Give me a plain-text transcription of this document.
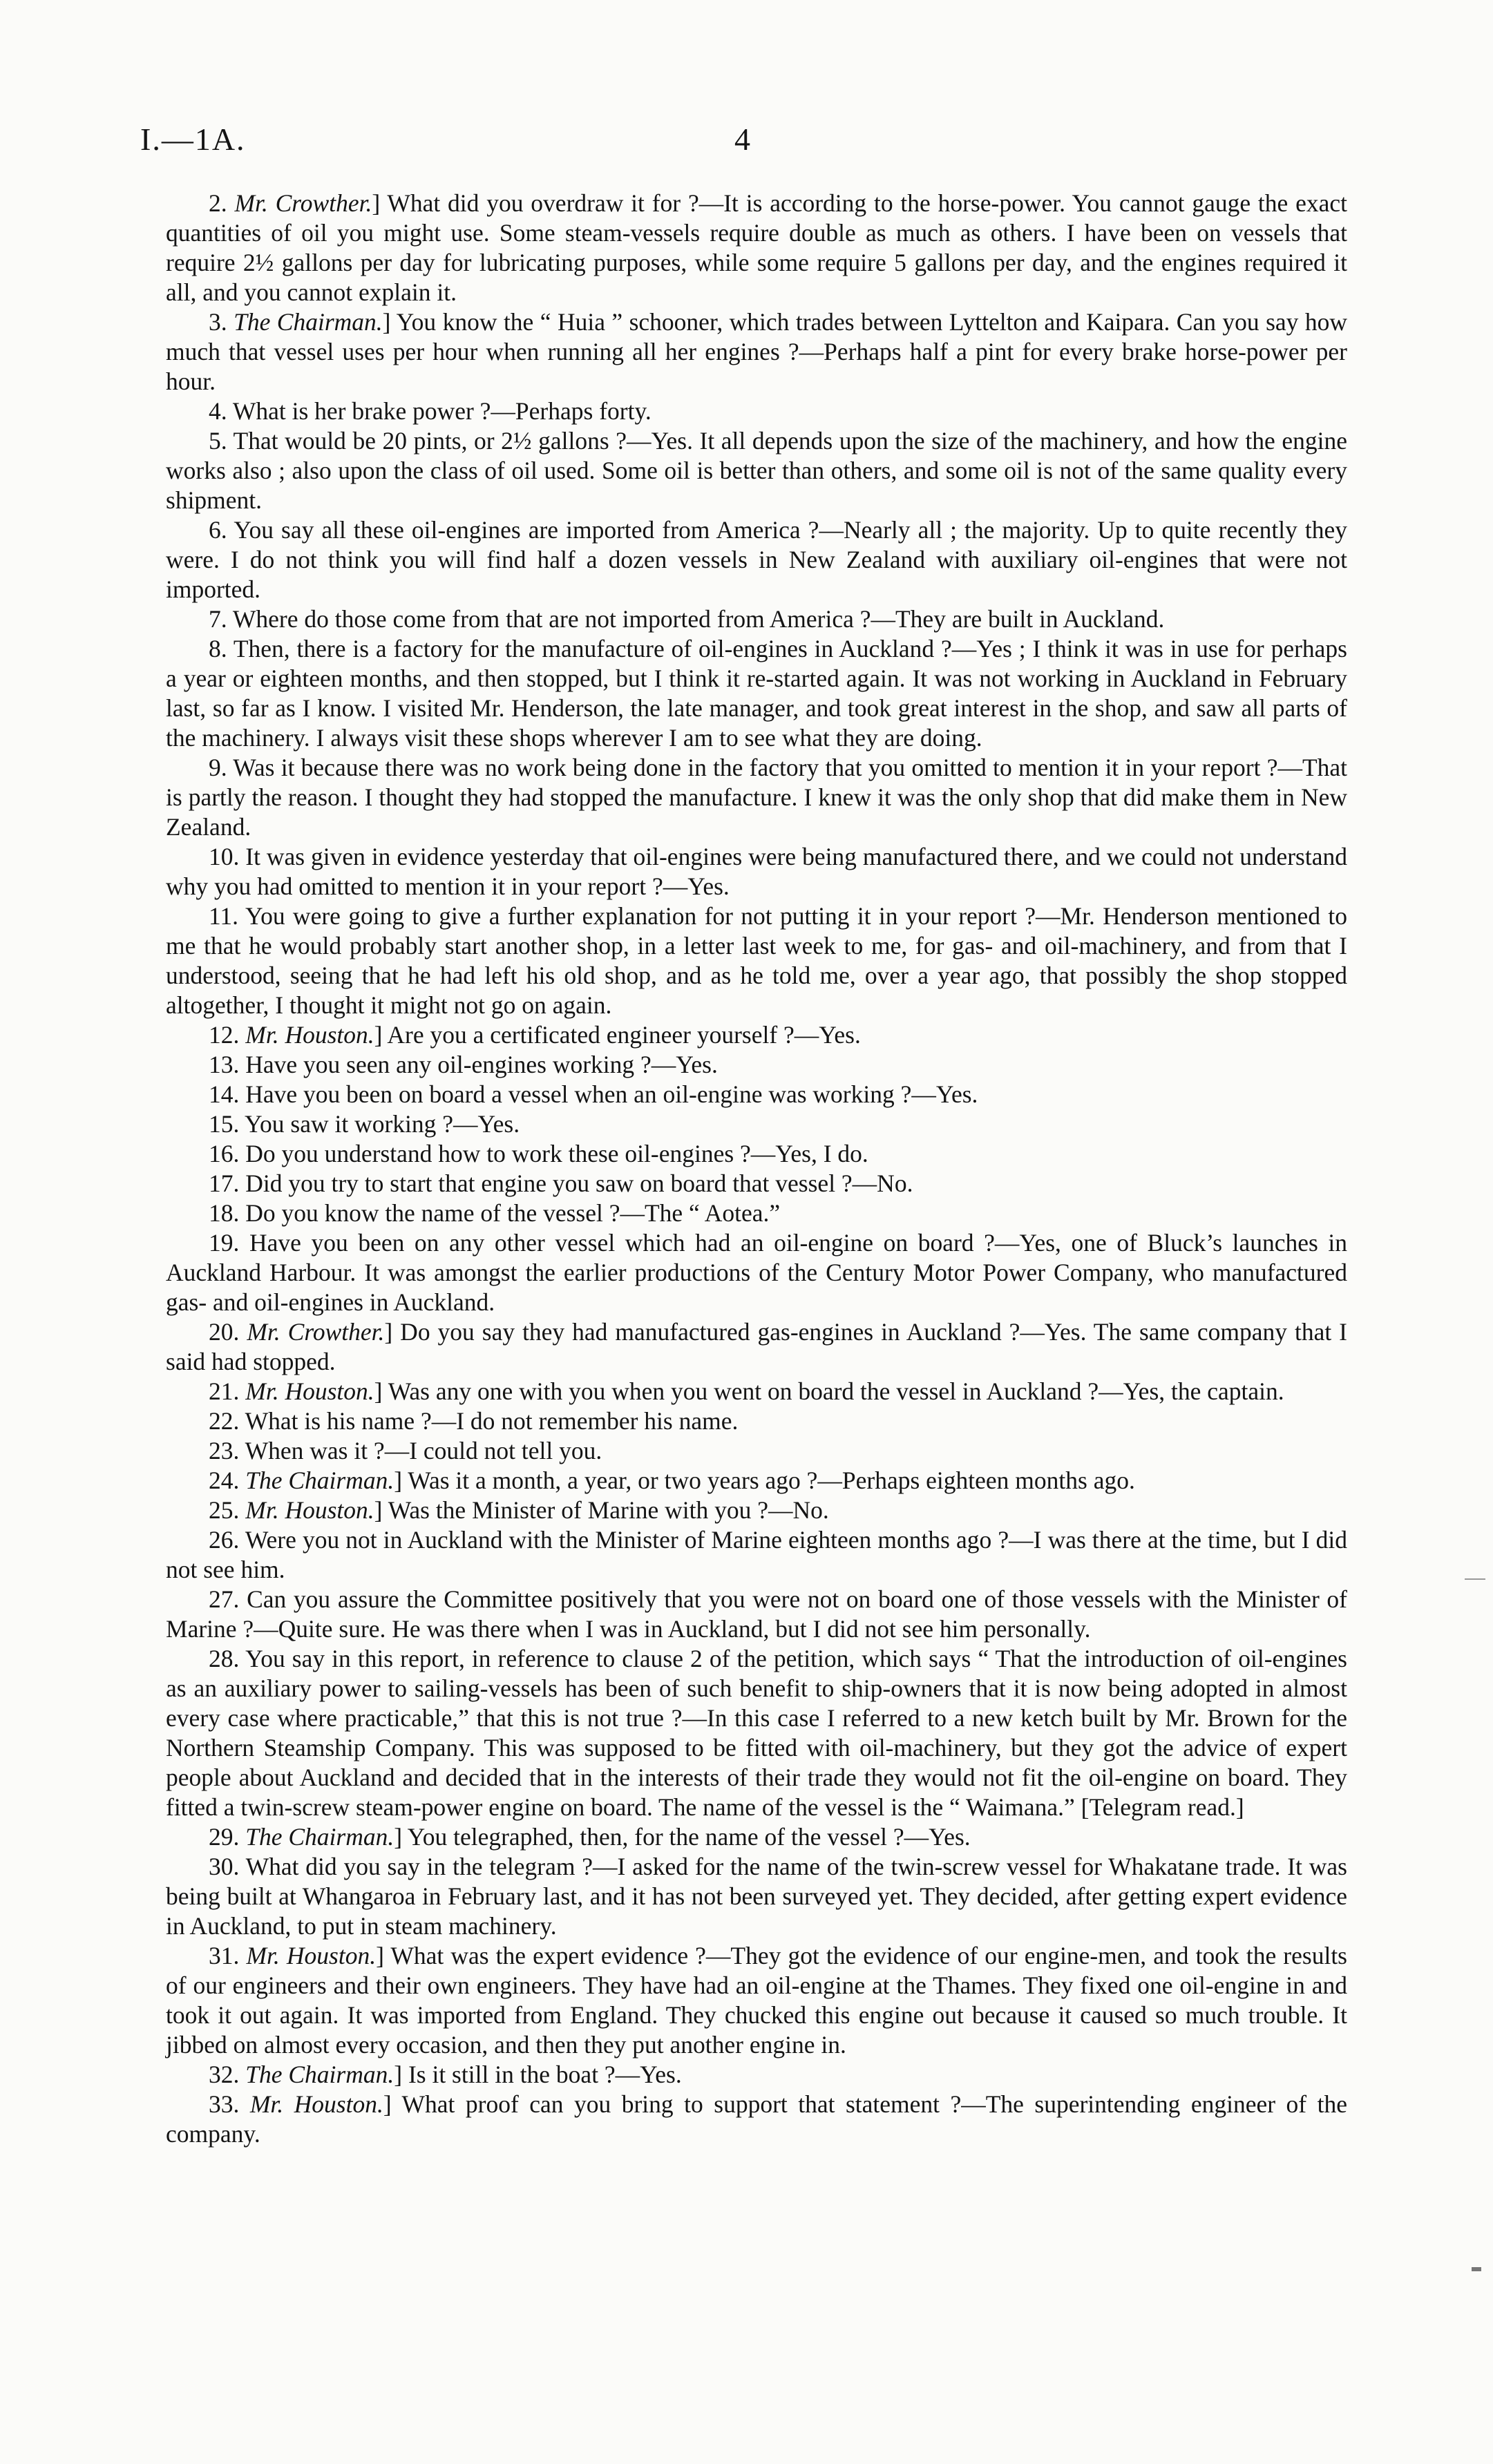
I.—1A.	4

2. Mr. Crowther.] What did you overdraw it for ?—It is according to the horse-power. You cannot gauge the exact quantities of oil you might use. Some steam-vessels require double as much as others. I have been on vessels that require 2½ gallons per day for lubricating purposes, while some require 5 gallons per day, and the engines required it all, and you cannot explain it.

3. The Chairman.] You know the “ Huia ” schooner, which trades between Lyttelton and Kaipara. Can you say how much that vessel uses per hour when running all her engines ?—Perhaps half a pint for every brake horse-power per hour.

4. What is her brake power ?—Perhaps forty.

5. That would be 20 pints, or 2½ gallons ?—Yes. It all depends upon the size of the machinery, and how the engine works also ; also upon the class of oil used. Some oil is better than others, and some oil is not of the same quality every shipment.

6. You say all these oil-engines are imported from America ?—Nearly all ; the majority. Up to quite recently they were. I do not think you will find half a dozen vessels in New Zealand with auxiliary oil-engines that were not imported.

7. Where do those come from that are not imported from America ?—They are built in Auckland.

8. Then, there is a factory for the manufacture of oil-engines in Auckland ?—Yes ; I think it was in use for perhaps a year or eighteen months, and then stopped, but I think it re-started again. It was not working in Auckland in February last, so far as I know. I visited Mr. Henderson, the late manager, and took great interest in the shop, and saw all parts of the machinery. I always visit these shops wherever I am to see what they are doing.

9. Was it because there was no work being done in the factory that you omitted to mention it in your report ?—That is partly the reason. I thought they had stopped the manufacture. I knew it was the only shop that did make them in New Zealand.

10. It was given in evidence yesterday that oil-engines were being manufactured there, and we could not understand why you had omitted to mention it in your report ?—Yes.

11. You were going to give a further explanation for not putting it in your report ?—Mr. Henderson mentioned to me that he would probably start another shop, in a letter last week to me, for gas- and oil-machinery, and from that I understood, seeing that he had left his old shop, and as he told me, over a year ago, that possibly the shop stopped altogether, I thought it might not go on again.

12. Mr. Houston.] Are you a certificated engineer yourself ?—Yes.

13. Have you seen any oil-engines working ?—Yes.

14. Have you been on board a vessel when an oil-engine was working ?—Yes.

15. You saw it working ?—Yes.

16. Do you understand how to work these oil-engines ?—Yes, I do.

17. Did you try to start that engine you saw on board that vessel ?—No.

18. Do you know the name of the vessel ?—The “ Aotea.”

19. Have you been on any other vessel which had an oil-engine on board ?—Yes, one of Bluck’s launches in Auckland Harbour. It was amongst the earlier productions of the Century Motor Power Company, who manufactured gas- and oil-engines in Auckland.

20. Mr. Crowther.] Do you say they had manufactured gas-engines in Auckland ?—Yes. The same company that I said had stopped.

21. Mr. Houston.] Was any one with you when you went on board the vessel in Auckland ?—Yes, the captain.

22. What is his name ?—I do not remember his name.

23. When was it ?—I could not tell you.

24. The Chairman.] Was it a month, a year, or two years ago ?—Perhaps eighteen months ago.

25. Mr. Houston.] Was the Minister of Marine with you ?—No.

26. Were you not in Auckland with the Minister of Marine eighteen months ago ?—I was there at the time, but I did not see him.

27. Can you assure the Committee positively that you were not on board one of those vessels with the Minister of Marine ?—Quite sure. He was there when I was in Auckland, but I did not see him personally.

28. You say in this report, in reference to clause 2 of the petition, which says “ That the introduction of oil-engines as an auxiliary power to sailing-vessels has been of such benefit to ship-owners that it is now being adopted in almost every case where practicable,” that this is not true ?—In this case I referred to a new ketch built by Mr. Brown for the Northern Steamship Company. This was supposed to be fitted with oil-machinery, but they got the advice of expert people about Auckland and decided that in the interests of their trade they would not fit the oil-engine on board. They fitted a twin-screw steam-power engine on board. The name of the vessel is the “ Waimana.” [Telegram read.]

29. The Chairman.] You telegraphed, then, for the name of the vessel ?—Yes.

30. What did you say in the telegram ?—I asked for the name of the twin-screw vessel for Whakatane trade. It was being built at Whangaroa in February last, and it has not been surveyed yet. They decided, after getting expert evidence in Auckland, to put in steam machinery.

31. Mr. Houston.] What was the expert evidence ?—They got the evidence of our engine-men, and took the results of our engineers and their own engineers. They have had an oil-engine at the Thames. They fixed one oil-engine in and took it out again. It was imported from England. They chucked this engine out because it caused so much trouble. It jibbed on almost every occasion, and then they put another engine in.

32. The Chairman.] Is it still in the boat ?—Yes.

33. Mr. Houston.] What proof can you bring to support that statement ?—The superintending engineer of the company.
